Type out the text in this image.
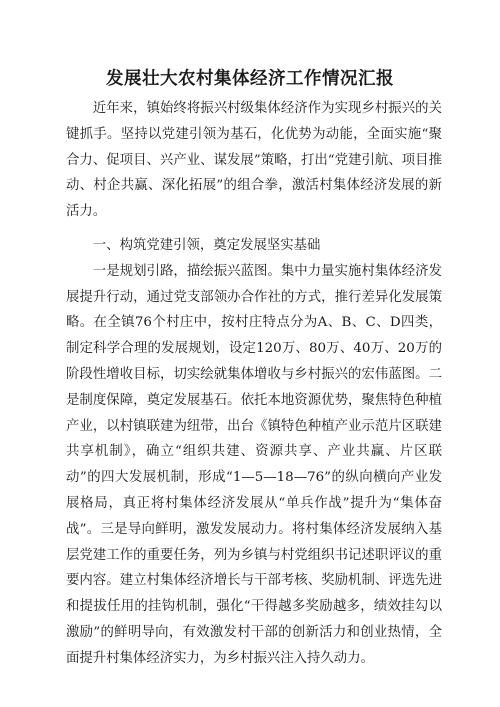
发展壮大农村集体经济工作情况汇报

近年来，镇始终将振兴村级集体经济作为实现乡村振兴的关键抓手。坚持以党建引领为基石，化优势为动能，全面实施“聚合力、促项目、兴产业、谋发展”策略，打出“党建引航、项目推动、村企共赢、深化拓展”的组合拳，激活村集体经济发展的新活力。

一、构筑党建引领，奠定发展坚实基础

一是规划引路，描绘振兴蓝图。集中力量实施村集体经济发展提升行动，通过党支部领办合作社的方式，推行差异化发展策略。在全镇76个村庄中，按村庄特点分为A、B、C、D四类，制定科学合理的发展规划，设定120万、80万、40万、20万的阶段性增收目标，切实绘就集体增收与乡村振兴的宏伟蓝图。二是制度保障，奠定发展基石。依托本地资源优势，聚焦特色种植产业，以村镇联建为纽带，出台《镇特色种植产业示范片区联建共享机制》，确立“组织共建、资源共享、产业共赢、片区联动”的四大发展机制，形成“1—5—18—76”的纵向横向产业发展格局，真正将村集体经济发展从“单兵作战”提升为“集体奋战”。三是导向鲜明，激发发展动力。将村集体经济发展纳入基层党建工作的重要任务，列为乡镇与村党组织书记述职评议的重要内容。建立村集体经济增长与干部考核、奖励机制、评选先进和提拔任用的挂钩机制，强化“干得越多奖励越多，绩效挂勾以激励”的鲜明导向，有效激发村干部的创新活力和创业热情，全面提升村集体经济实力，为乡村振兴注入持久动力。
